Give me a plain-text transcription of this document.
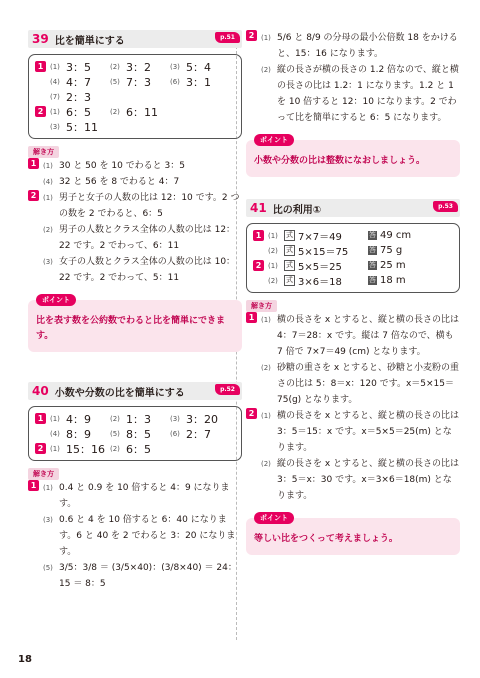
39 比を簡単にする	p.51
1 (1) 3：5	(2) 3：2	(3) 5：4
(4) 4：7	(5) 7：3	(6) 3：1
(7) 2：3
2 (1) 6：5	(2) 6：11
(3) 5：11
解き方
1 (1) 30 と 50 を 10 でわると 3：5
(4) 32 と 56 を 8 でわると 4：7
2 (1) 男子と女子の人数の比は 12：10 です。2 つの数を 2 でわると、6：5
(2) 男子の人数とクラス全体の人数の比は 12：22 です。2 でわって、6：11
(3) 女子の人数とクラス全体の人数の比は 10：22 です。2 でわって、5：11
ポイント
比を表す数を公約数でわると比を簡単にできます。
40 小数や分数の比を簡単にする	p.52
1 (1) 4：9	(2) 1：3	(3) 3：20
(4) 8：9	(5) 8：5	(6) 2：7
2 (1) 15：16 (2) 6：5
解き方
1 (1) 0.4 と 0.9 を 10 倍すると 4：9 になります。
(3) 0.6 と 4 を 10 倍すると 6：40 になります。6 と 40 を 2 でわると 3：20 になります。
(5) 3/5：3/8 ＝ (3/5×40)：(3/8×40) ＝ 24：15 ＝ 8：5
2 (1) 5/6 と 8/9 の分母の最小公倍数 18 をかけると、15：16 になります。
(2) 縦の長さが横の長さの 1.2 倍なので、縦と横の長さの比は 1.2：1 になります。1.2 と 1 を 10 倍すると 12：10 になります。2 でわって比を簡単にすると 6：5 になります。
ポイント
小数や分数の比は整数になおしましょう。
41 比の利用①	p.53
1 (1) 式 7×7＝49	答 49 cm
(2) 式 5×15＝75	答 75 g
2 (1) 式 5×5＝25	答 25 m
(2) 式 3×6＝18	答 18 m
解き方
1 (1) 横の長さを x とすると、縦と横の長さの比は 4：7＝28：x です。縦は 7 倍なので、横も 7 倍で 7×7＝49 (cm) となります。
(2) 砂糖の重さを x とすると、砂糖と小麦粉の重さの比は 5：8＝x：120 です。x＝5×15＝75(g) となります。
2 (1) 横の長さを x とすると、縦と横の長さの比は 3：5＝15：x です。x＝5×5＝25(m) となります。
(2) 縦の長さを x とすると、縦と横の長さの比は 3：5＝x：30 です。x＝3×6＝18(m) となります。
ポイント
等しい比をつくって考えましょう。
18
